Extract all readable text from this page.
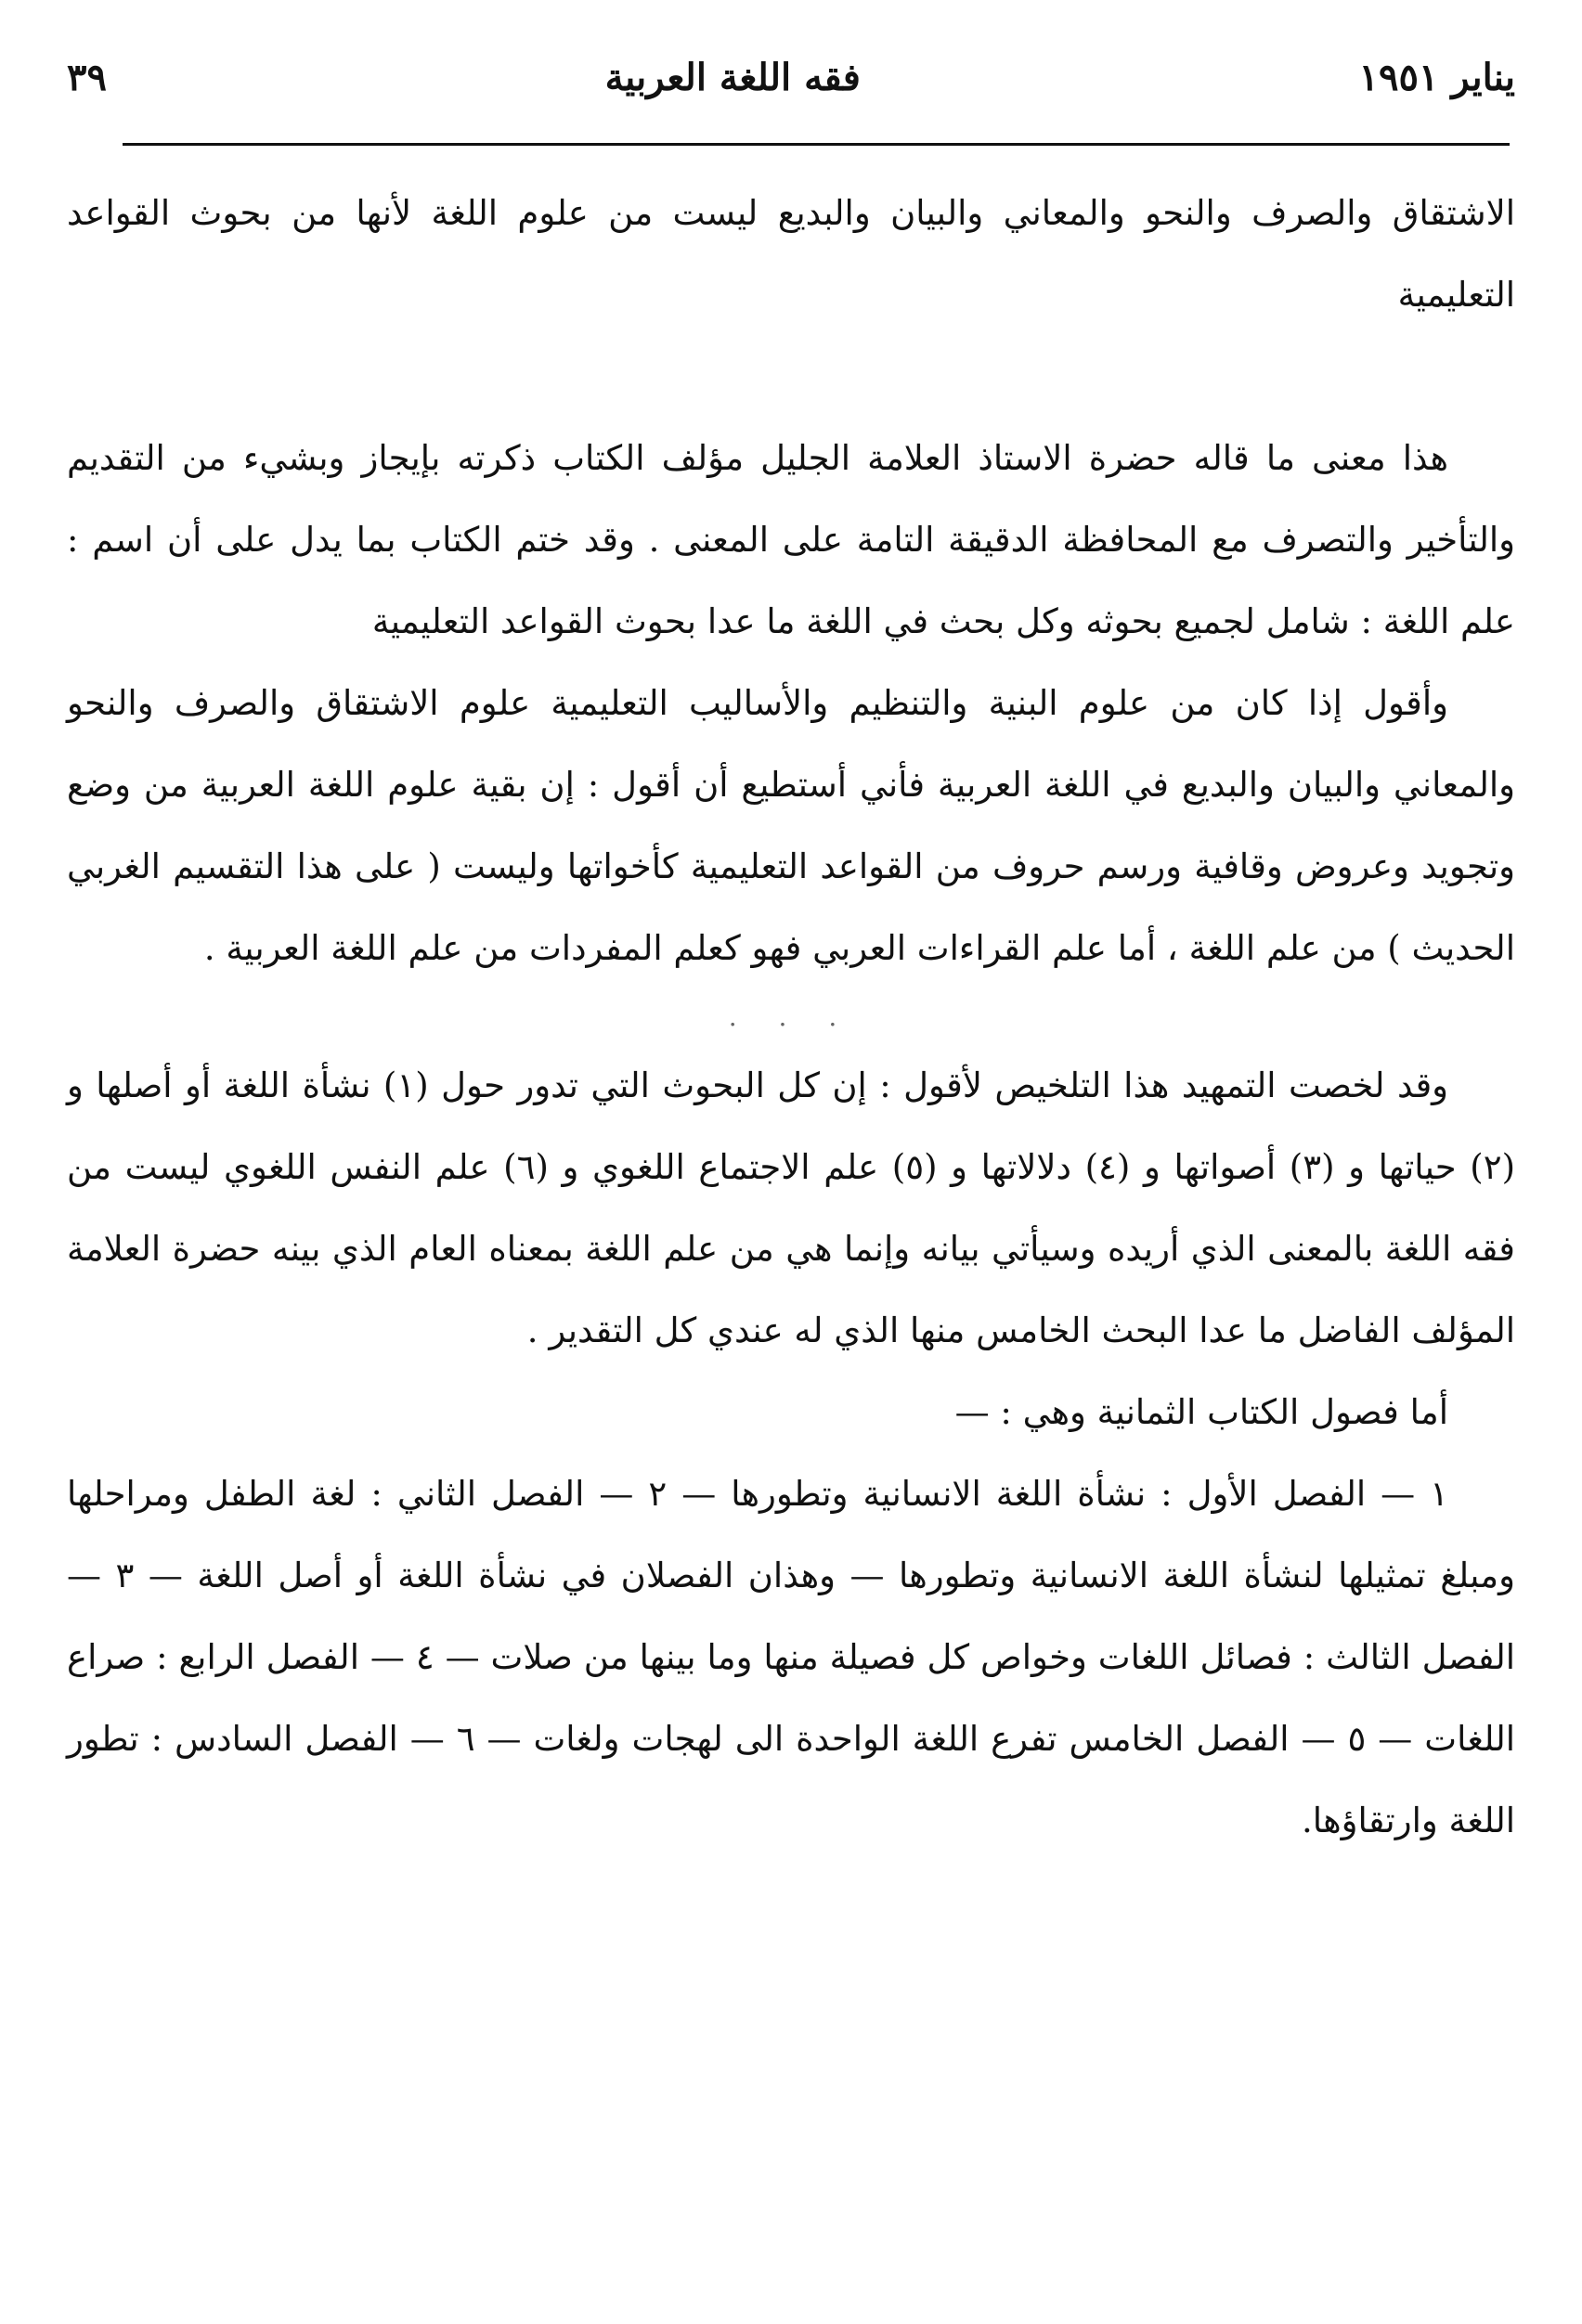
يناير ١٩٥١
فقه اللغة العربية
٣٩

الاشتقاق والصرف والنحو والمعاني والبيان والبديع ليست من علوم اللغة لأنها من بحوث القواعد التعليمية

هذا معنى ما قاله حضرة الاستاذ العلامة الجليل مؤلف الكتاب ذكرته بإيجاز وبشيء من التقديم والتأخير والتصرف مع المحافظة الدقيقة التامة على المعنى . وقد ختم الكتاب بما يدل على أن اسم : علم اللغة : شامل لجميع بحوثه وكل بحث في اللغة ما عدا بحوث القواعد التعليمية

وأقول إذا كان من علوم البنية والتنظيم والأساليب التعليمية علوم الاشتقاق والصرف والنحو والمعاني والبيان والبديع في اللغة العربية فأني أستطيع أن أقول : إن بقية علوم اللغة العربية من وضع وتجويد وعروض وقافية ورسم حروف من القواعد التعليمية كأخواتها وليست ( على هذا التقسيم الغربي الحديث ) من علم اللغة ، أما علم القراءات العربي فهو كعلم المفردات من علم اللغة العربية .

. . .

وقد لخصت التمهيد هذا التلخيص لأقول : إن كل البحوث التي تدور حول (١) نشأة اللغة أو أصلها و (٢) حياتها و (٣) أصواتها و (٤) دلالاتها و (٥) علم الاجتماع اللغوي و (٦) علم النفس اللغوي ليست من فقه اللغة بالمعنى الذي أريده وسيأتي بيانه وإنما هي من علم اللغة بمعناه العام الذي بينه حضرة العلامة المؤلف الفاضل ما عدا البحث الخامس منها الذي له عندي كل التقدير .

أما فصول الكتاب الثمانية وهي : —

١ — الفصل الأول : نشأة اللغة الانسانية وتطورها — ٢ — الفصل الثاني : لغة الطفل ومراحلها ومبلغ تمثيلها لنشأة اللغة الانسانية وتطورها — وهذان الفصلان في نشأة اللغة أو أصل اللغة — ٣ — الفصل الثالث : فصائل اللغات وخواص كل فصيلة منها وما بينها من صلات — ٤ — الفصل الرابع : صراع اللغات — ٥ — الفصل الخامس تفرع اللغة الواحدة الى لهجات ولغات — ٦ — الفصل السادس : تطور اللغة وارتقاؤها.
